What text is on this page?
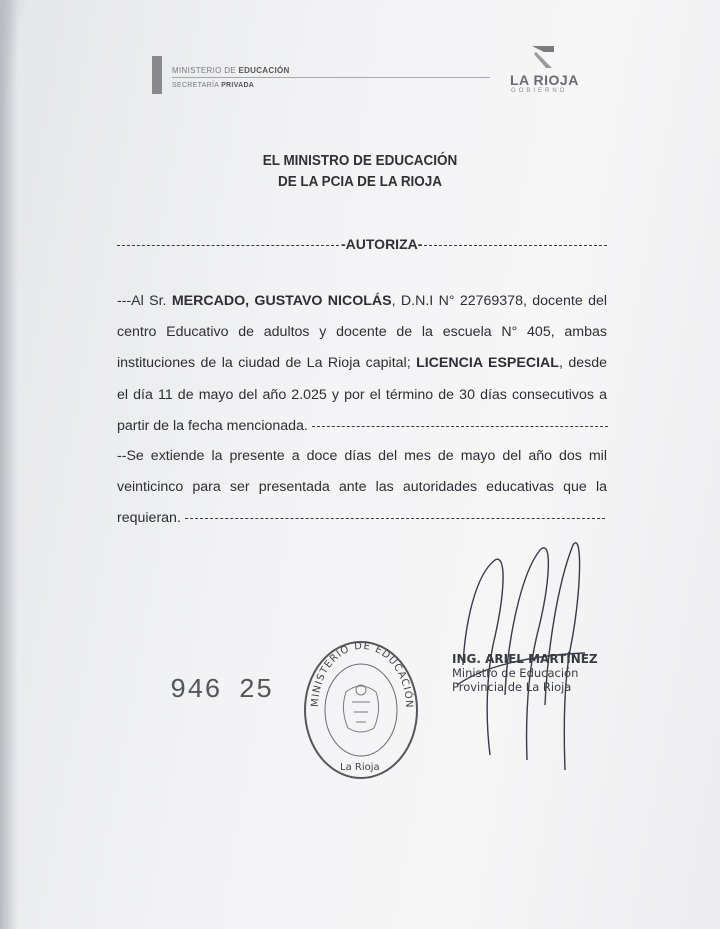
MINISTERIO DE EDUCACIÓN
SECRETARÍA PRIVADA	LA RIOJA
GOBIERNO
EL MINISTRO DE EDUCACIÓN
DE LA PCIA DE LA RIOJA
-AUTORIZA-
---Al Sr. MERCADO, GUSTAVO NICOLÁS, D.N.I N° 22769378, docente del
centro Educativo de adultos y docente de la escuela N° 405, ambas
instituciones de la ciudad de La Rioja capital; LICENCIA ESPECIAL, desde
el día 11 de mayo del año 2.025 y por el término de 30 días consecutivos a
partir de la fecha mencionada.
--Se extiende la presente a doce días del mes de mayo del año dos mil
veinticinco para ser presentada ante las autoridades educativas que la
requieran.
946 25	MINISTERIO DE EDUCACIÓN
La Rioja
ING. ARIEL MARTÍNEZ
Ministro de Educación
Provincia de La Rioja
